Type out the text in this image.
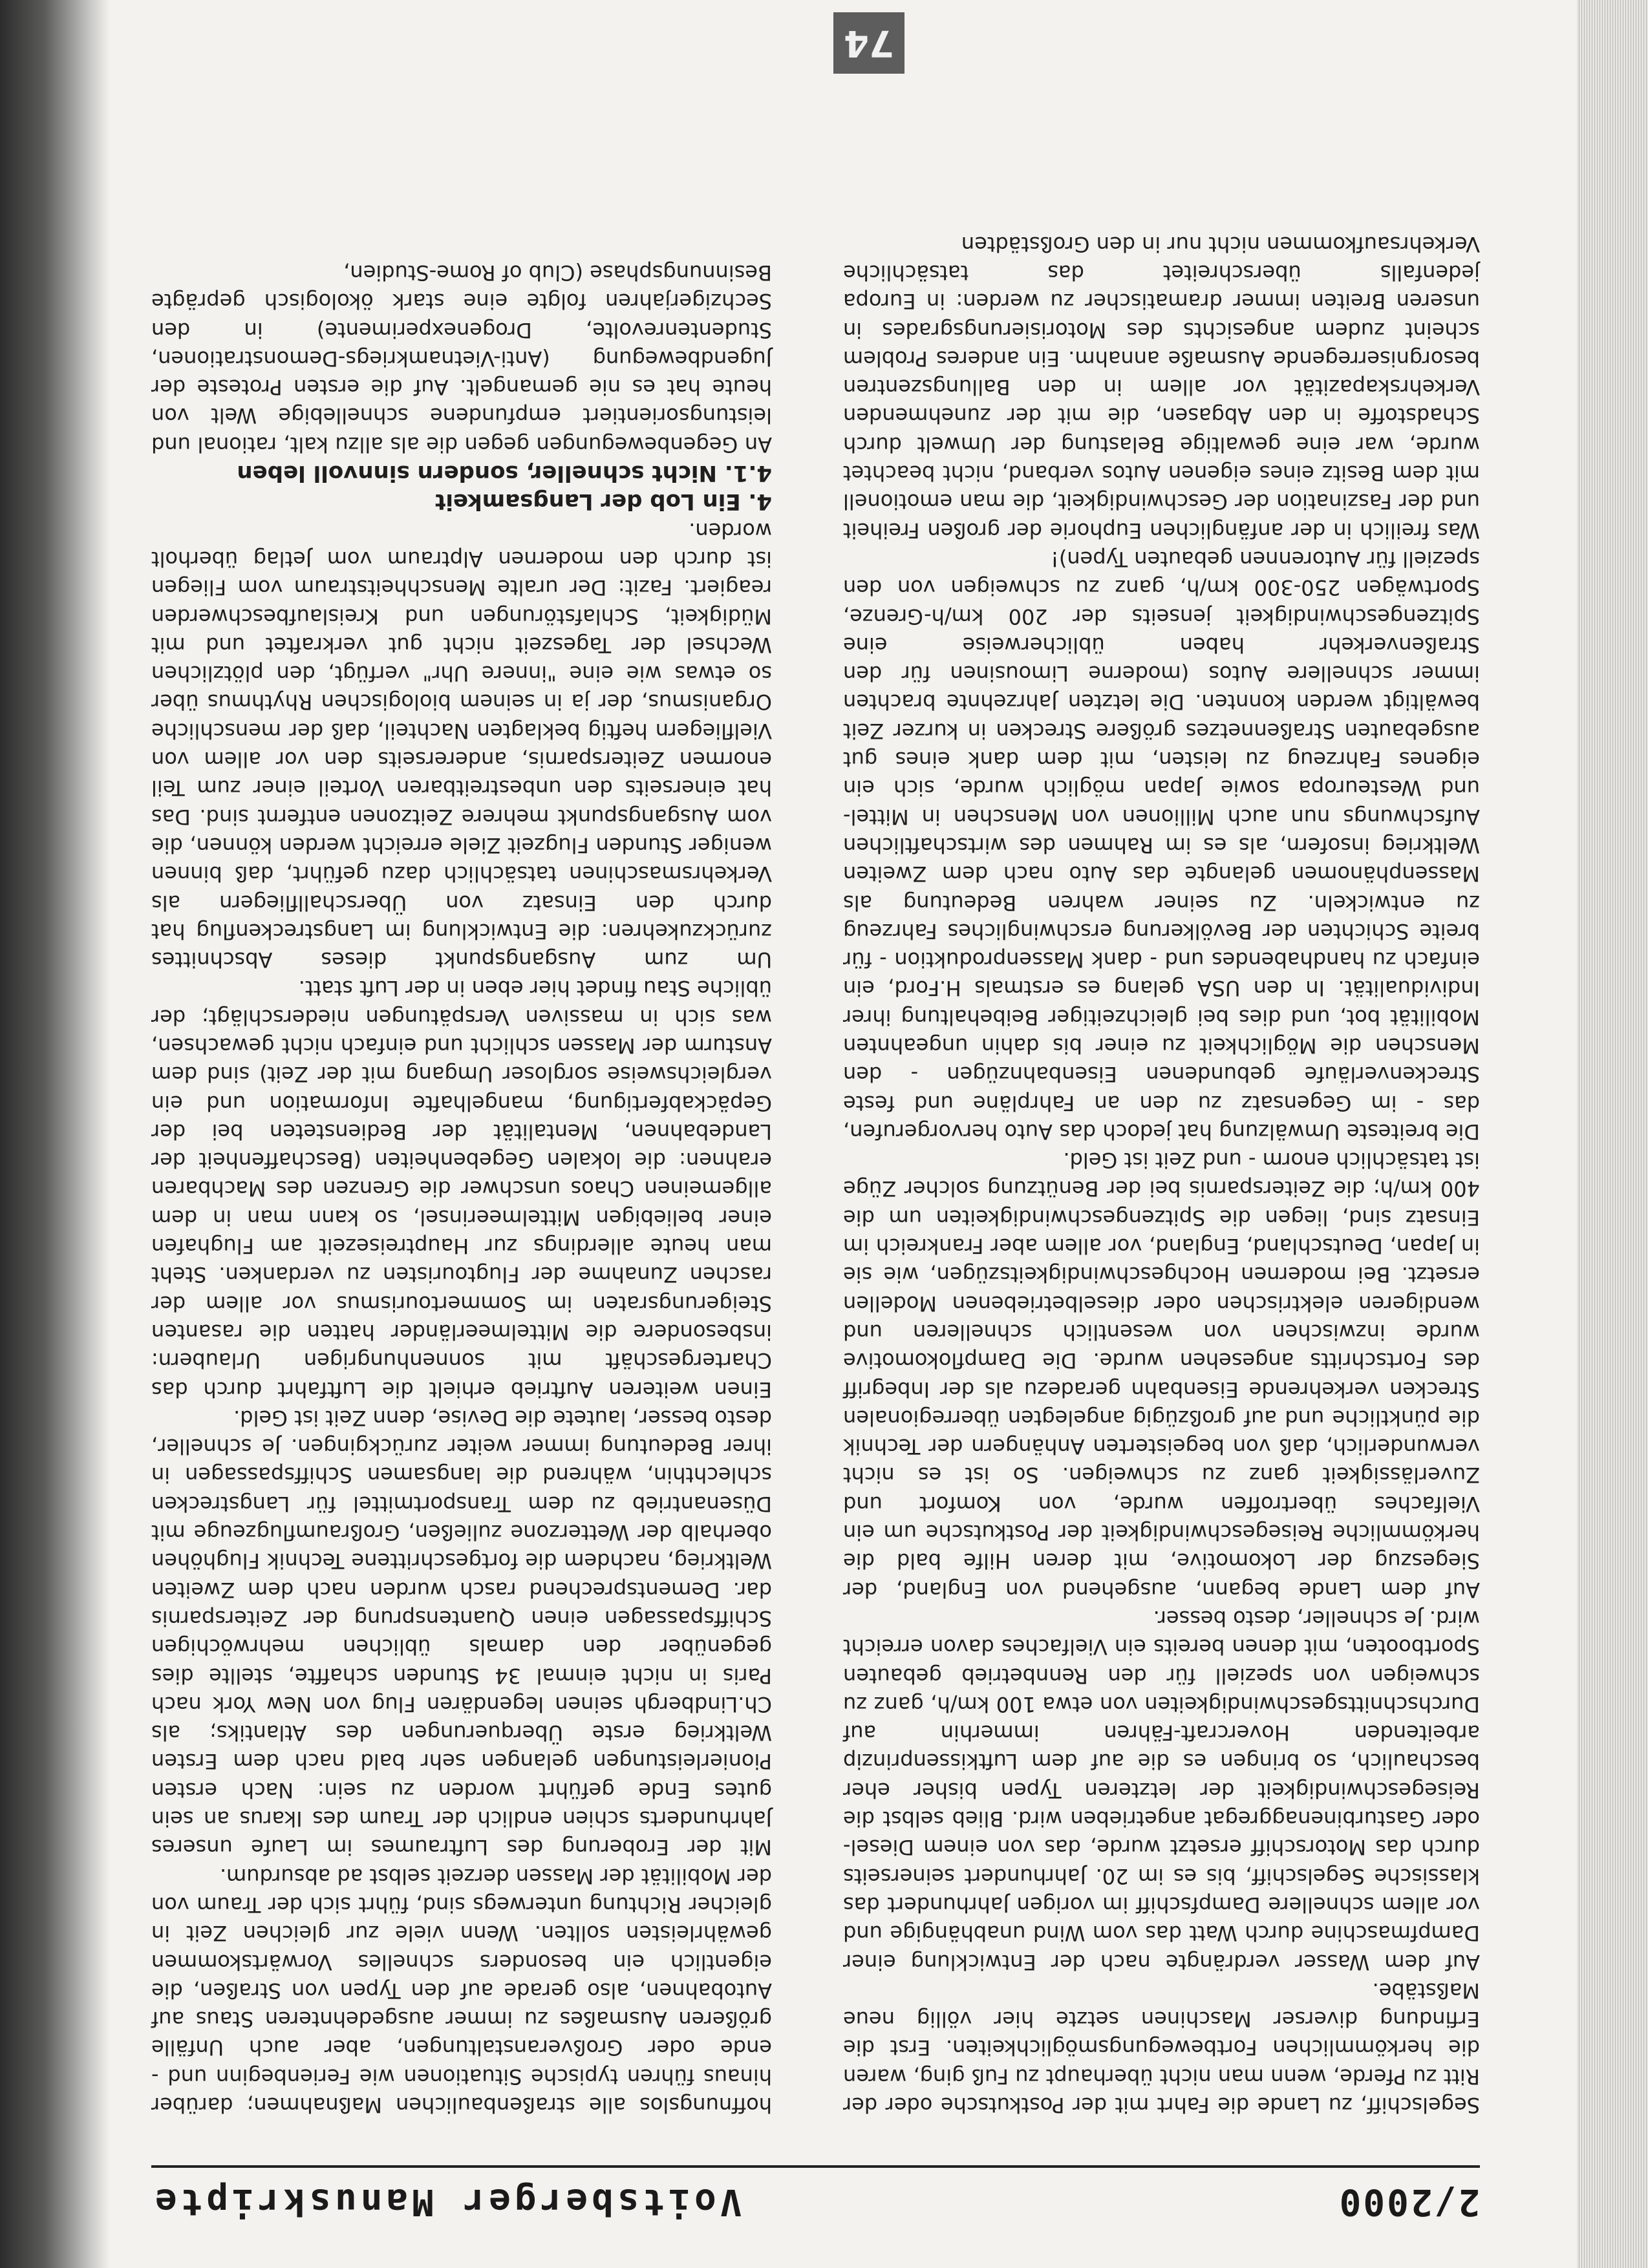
2/2000
Voitsberger Manuskripte

Segelschiff, zu Lande die Fahrt mit der Postkutsche oder der Ritt zu Pferde, wenn man nicht überhaupt zu Fuß ging, waren die herkömmlichen Fortbewegungsmöglichkeiten. Erst die Erfindung diverser Maschinen setzte hier völlig neue Maßstäbe.

Auf dem Wasser verdrängte nach der Entwicklung einer Dampfmaschine durch Watt das vom Wind unabhängige und vor allem schnellere Dampfschiff im vorigen Jahrhundert das klassische Segelschiff, bis es im 20. Jahrhundert seinerseits durch das Motorschiff ersetzt wurde, das von einem Diesel- oder Gasturbinenaggregat angetrieben wird. Blieb selbst die Reisegeschwindigkeit der letzteren Typen bisher eher beschaulich, so bringen es die auf dem Luftkissenprinzip arbeitenden Hovercraft-Fähren immerhin auf Durchschnittsgeschwindigkeiten von etwa 100 km/h, ganz zu schweigen von speziell für den Rennbetrieb gebauten Sportbooten, mit denen bereits ein Vielfaches davon erreicht wird. Je schneller, desto besser.

Auf dem Lande begann, ausgehend von England, der Siegeszug der Lokomotive, mit deren Hilfe bald die herkömmliche Reisegeschwindigkeit der Postkutsche um ein Vielfaches übertroffen wurde, von Komfort und Zuverlässigkeit ganz zu schweigen. So ist es nicht verwunderlich, daß von begeisterten Anhängern der Technik die pünktliche und auf großzügig angelegten überregionalen Strecken verkehrende Eisenbahn geradezu als der Inbegriff des Fortschritts angesehen wurde. Die Dampflokomotive wurde inzwischen von wesentlich schnelleren und wendigeren elektrischen oder dieselbetriebenen Modellen ersetzt. Bei modernen Hochgeschwindigkeitszügen, wie sie in Japan, Deutschland, England, vor allem aber Frankreich im Einsatz sind, liegen die Spitzengeschwindigkeiten um die 400 km/h; die Zeitersparnis bei der Benützung solcher Züge ist tatsächlich enorm - und Zeit ist Geld.

Die breiteste Umwälzung hat jedoch das Auto hervorgerufen, das - im Gegensatz zu den an Fahrpläne und feste Streckenverläufe gebundenen Eisenbahnzügen - den Menschen die Möglichkeit zu einer bis dahin ungeahnten Mobilität bot, und dies bei gleichzeitiger Beibehaltung ihrer Individualität. In den USA gelang es erstmals H.Ford, ein einfach zu handhabendes und - dank Massenproduktion - für breite Schichten der Bevölkerung erschwingliches Fahrzeug zu entwickeln. Zu seiner wahren Bedeutung als Massenphänomen gelangte das Auto nach dem Zweiten Weltkrieg insofern, als es im Rahmen des wirtschaftlichen Aufschwungs nun auch Millionen von Menschen in Mittel- und Westeuropa sowie Japan möglich wurde, sich ein eigenes Fahrzeug zu leisten, mit dem dank eines gut ausgebauten Straßennetzes größere Strecken in kurzer Zeit bewältigt werden konnten. Die letzten Jahrzehnte brachten immer schnellere Autos (moderne Limousinen für den Straßenverkehr haben üblicherweise eine Spitzengeschwindigkeit jenseits der 200 km/h-Grenze, Sportwägen 250-300 km/h, ganz zu schweigen von den speziell für Autorennen gebauten Typen)!

Was freilich in der anfänglichen Euphorie der großen Freiheit und der Faszination der Geschwindigkeit, die man emotionell mit dem Besitz eines eigenen Autos verband, nicht beachtet wurde, war eine gewaltige Belastung der Umwelt durch Schadstoffe in den Abgasen, die mit der zunehmenden Verkehrskapazität vor allem in den Ballungszentren besorgniserregende Ausmaße annahm. Ein anderes Problem scheint zudem angesichts des Motorisierungsgrades in unseren Breiten immer dramatischer zu werden: in Europa jedenfalls überschreitet das tatsächliche Verkehrsaufkommen nicht nur in den Großstädten

hoffnungslos alle straßenbaulichen Maßnahmen; darüber hinaus führen typische Situationen wie Ferienbeginn und -ende oder Großveranstaltungen, aber auch Unfälle größeren Ausmaßes zu immer ausgedehnteren Staus auf Autobahnen, also gerade auf den Typen von Straßen, die eigentlich ein besonders schnelles Vorwärtskommen gewährleisten sollten. Wenn viele zur gleichen Zeit in gleicher Richtung unterwegs sind, führt sich der Traum von der Mobilität der Massen derzeit selbst ad absurdum.

Mit der Eroberung des Luftraumes im Laufe unseres Jahrhunderts schien endlich der Traum des Ikarus an sein gutes Ende geführt worden zu sein: Nach ersten Pionierleistungen gelangen sehr bald nach dem Ersten Weltkrieg erste Überquerungen des Atlantiks; als Ch.Lindbergh seinen legendären Flug von New York nach Paris in nicht einmal 34 Stunden schaffte, stellte dies gegenüber den damals üblichen mehrwöchigen Schiffspassagen einen Quantensprung der Zeitersparnis dar. Dementsprechend rasch wurden nach dem Zweiten Weltkrieg, nachdem die fortgeschrittene Technik Flughöhen oberhalb der Wetterzone zuließen, Großraumflugzeuge mit Düsenantrieb zu dem Transportmittel für Langstrecken schlechthin, während die langsamen Schiffspassagen in ihrer Bedeutung immer weiter zurückgingen. Je schneller, desto besser, lautete die Devise, denn Zeit ist Geld.

Einen weiteren Auftrieb erhielt die Luftfahrt durch das Chartergeschäft mit sonnenhungrigen Urlaubern: insbesondere die Mittelmeerländer hatten die rasanten Steigerungsraten im Sommertourismus vor allem der raschen Zunahme der Flugtouristen zu verdanken. Steht man heute allerdings zur Hauptreisezeit am Flughafen einer beliebigen Mittelmeerinsel, so kann man in dem allgemeinen Chaos unschwer die Grenzen des Machbaren erahnen: die lokalen Gegebenheiten (Beschaffenheit der Landebahnen, Mentalität der Bediensteten bei der Gepäckabfertigung, mangelhafte Information und ein vergleichsweise sorgloser Umgang mit der Zeit) sind dem Ansturm der Massen schlicht und einfach nicht gewachsen, was sich in massiven Verspätungen niederschlägt; der übliche Stau findet hier eben in der Luft statt.

Um zum Ausgangspunkt dieses Abschnittes zurückzukehren: die Entwicklung im Langstreckenflug hat durch den Einsatz von Überschallfliegern als Verkehrsmaschinen tatsächlich dazu geführt, daß binnen weniger Stunden Flugzeit Ziele erreicht werden können, die vom Ausgangspunkt mehrere Zeitzonen entfernt sind. Das hat einerseits den unbestreitbaren Vorteil einer zum Teil enormen Zeitersparnis, andererseits den vor allem von Vielfliegern heftig beklagten Nachteil, daß der menschliche Organismus, der ja in seinem biologischen Rhythmus über so etwas wie eine "innere Uhr" verfügt, den plötzlichen Wechsel der Tageszeit nicht gut verkraftet und mit Müdigkeit, Schlafstörungen und Kreislaufbeschwerden reagiert. Fazit: Der uralte Menschheitstraum vom Fliegen ist durch den modernen Alptraum vom Jetlag überholt worden.

4. Ein Lob der Langsamkeit

4.1. Nicht schneller, sondern sinnvoll leben

An Gegenbewegungen gegen die als allzu kalt, rational und leistungsorientiert empfundene schnellebige Welt von heute hat es nie gemangelt. Auf die ersten Proteste der Jugendbewegung (Anti-Vietnamkriegs-Demonstrationen, Studentenrevolte, Drogenexperimente) in den Sechzigerjahren folgte eine stark ökologisch geprägte Besinnungsphase (Club of Rome-Studien,

74
